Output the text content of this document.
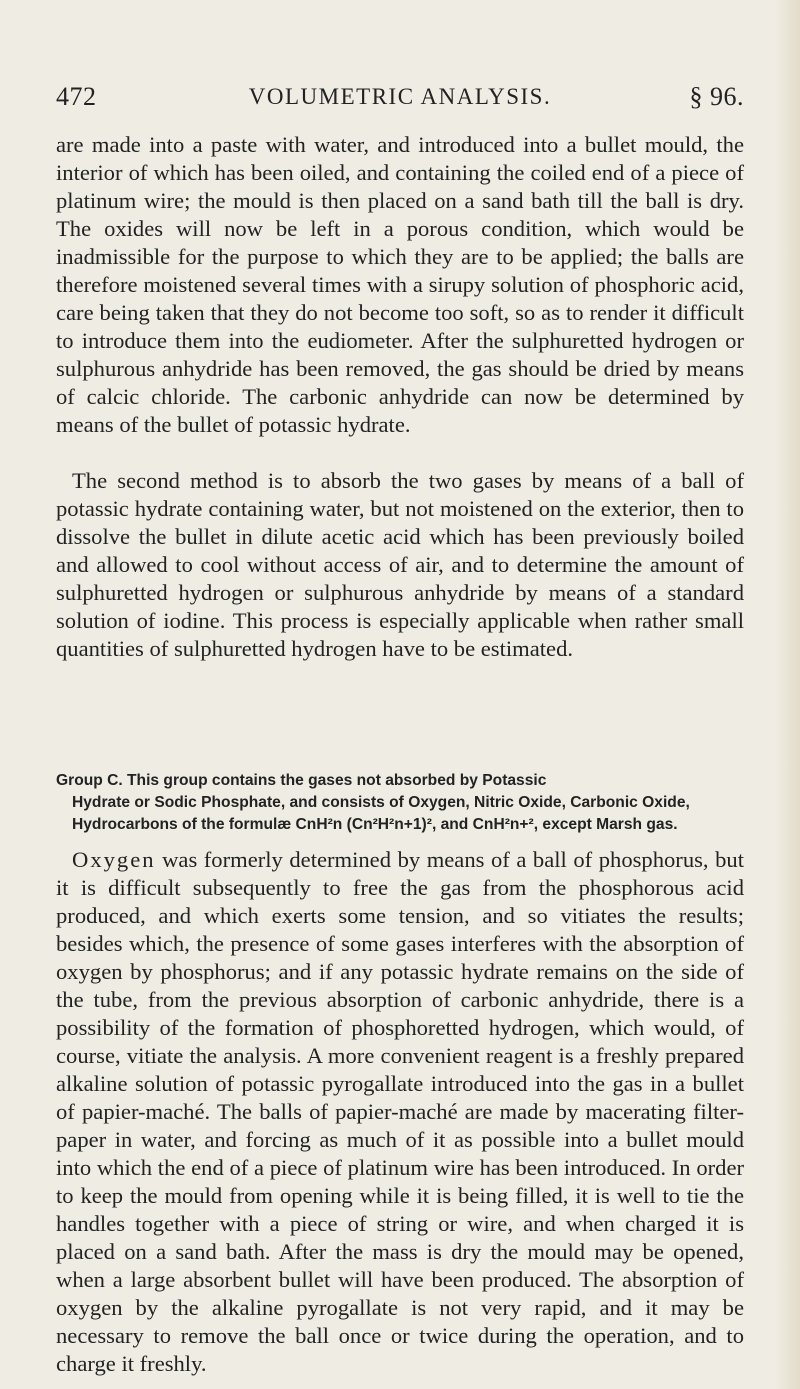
472	VOLUMETRIC ANALYSIS.	§ 96.

are made into a paste with water, and introduced into a bullet mould, the interior of which has been oiled, and containing the coiled end of a piece of platinum wire; the mould is then placed on a sand bath till the ball is dry. The oxides will now be left in a porous condition, which would be inadmissible for the purpose to which they are to be applied; the balls are therefore moistened several times with a sirupy solution of phosphoric acid, care being taken that they do not become too soft, so as to render it difficult to introduce them into the eudiometer. After the sulphuretted hydrogen or sulphurous anhydride has been removed, the gas should be dried by means of calcic chloride. The carbonic anhydride can now be determined by means of the bullet of potassic hydrate.

The second method is to absorb the two gases by means of a ball of potassic hydrate containing water, but not moistened on the exterior, then to dissolve the bullet in dilute acetic acid which has been previously boiled and allowed to cool without access of air, and to determine the amount of sulphuretted hydrogen or sulphurous anhydride by means of a standard solution of iodine. This process is especially applicable when rather small quantities of sulphuretted hydrogen have to be estimated.

Group C. This group contains the gases not absorbed by Potassic
Hydrate or Sodic Phosphate, and consists of Oxygen, Nitric Oxide, Carbonic Oxide, Hydrocarbons of the formulæ CnH²n (Cn²H²n+1)², and CnH²n+², except Marsh gas.

Oxygen was formerly determined by means of a ball of phosphorus, but it is difficult subsequently to free the gas from the phosphorous acid produced, and which exerts some tension, and so vitiates the results; besides which, the presence of some gases interferes with the absorption of oxygen by phosphorus; and if any potassic hydrate remains on the side of the tube, from the previous absorption of carbonic anhydride, there is a possibility of the formation of phosphoretted hydrogen, which would, of course, vitiate the analysis. A more convenient reagent is a freshly prepared alkaline solution of potassic pyrogallate introduced into the gas in a bullet of papier-maché. The balls of papier-maché are made by macerating filter-paper in water, and forcing as much of it as possible into a bullet mould into which the end of a piece of platinum wire has been introduced. In order to keep the mould from opening while it is being filled, it is well to tie the handles together with a piece of string or wire, and when charged it is placed on a sand bath. After the mass is dry the mould may be opened, when a large absorbent bullet will have been produced. The absorption of oxygen by the alkaline pyrogallate is not very rapid, and it may be necessary to remove the ball once or twice during the operation, and to charge it freshly.
